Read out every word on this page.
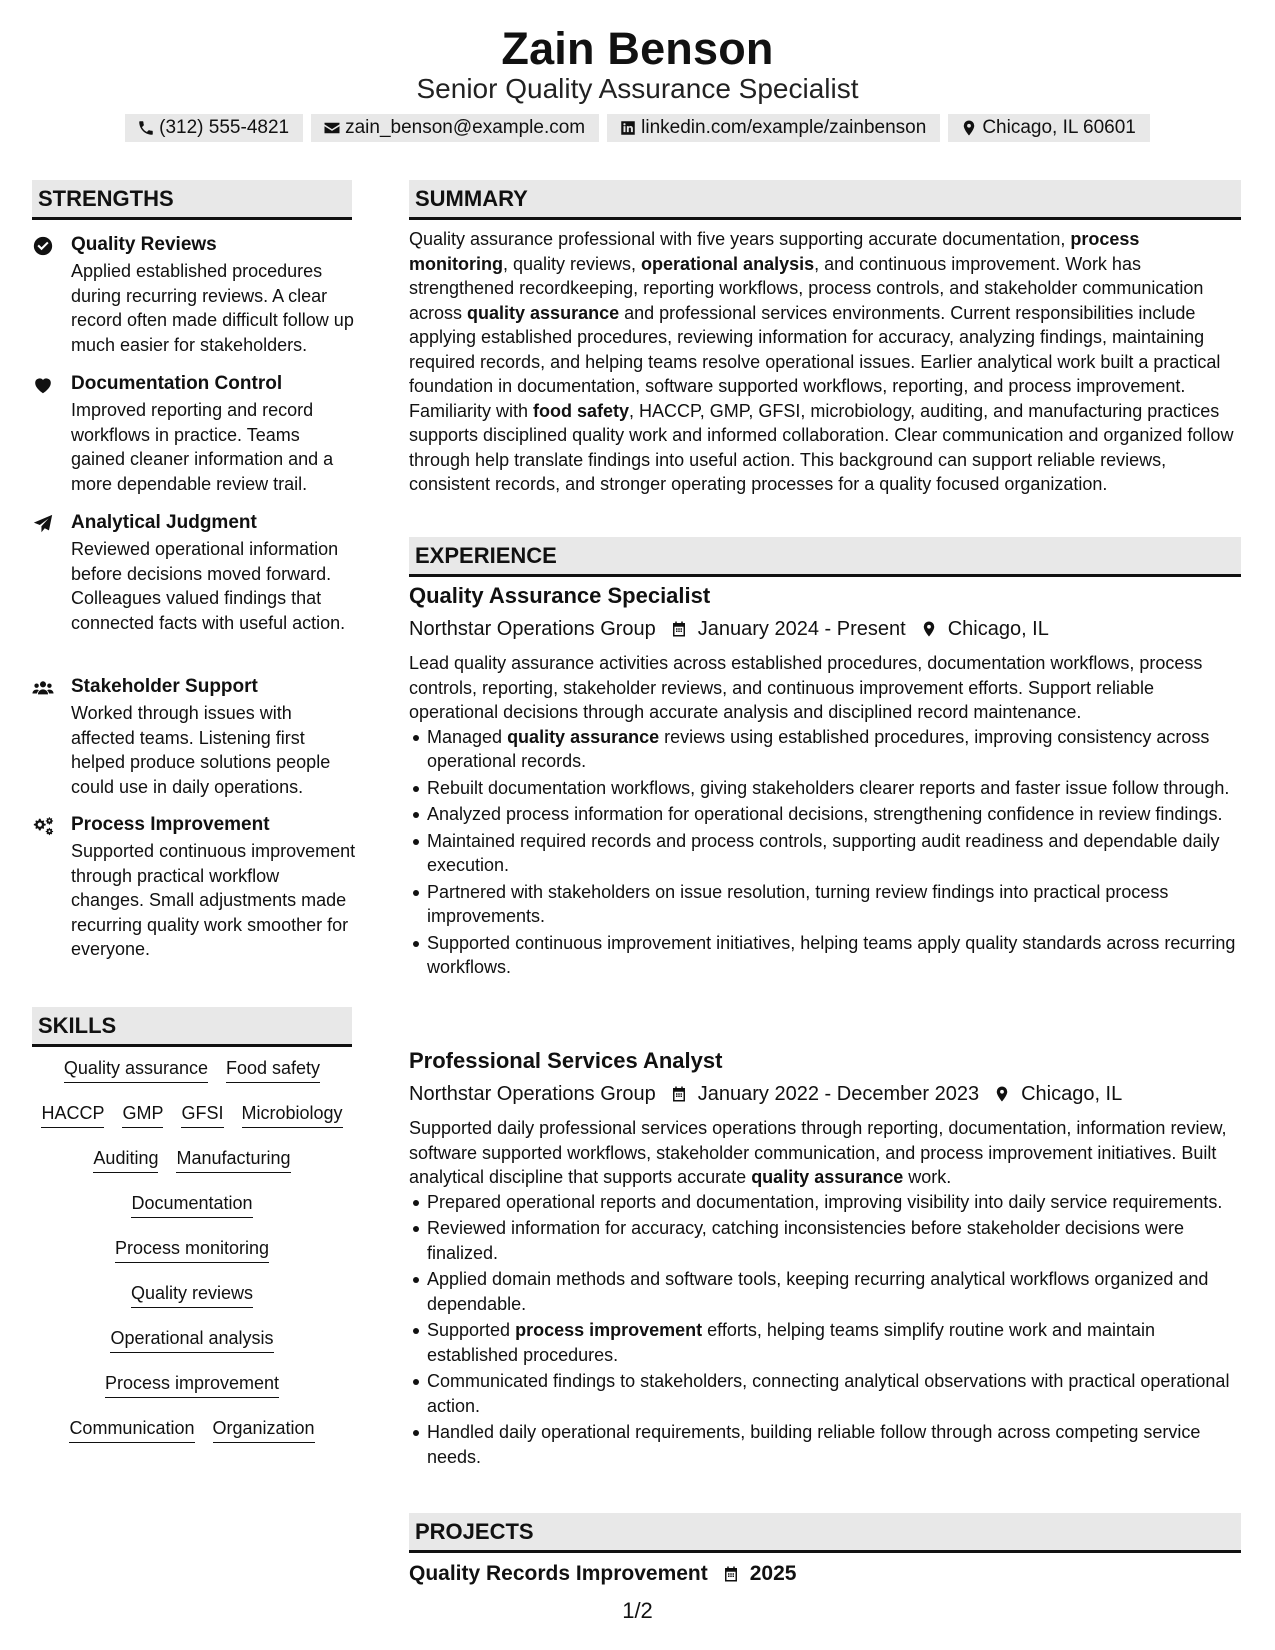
Zain Benson
Senior Quality Assurance Specialist
(312) 555-4821	zain_benson@example.com	linkedin.com/example/zainbenson	Chicago, IL 60601
STRENGTHS
Quality Reviews
Applied established procedures during recurring reviews. A clear record often made difficult follow up much easier for stakeholders.
Documentation Control
Improved reporting and record workflows in practice. Teams gained cleaner information and a more dependable review trail.
Analytical Judgment
Reviewed operational information before decisions moved forward. Colleagues valued findings that connected facts with useful action.
Stakeholder Support
Worked through issues with affected teams. Listening first helped produce solutions people could use in daily operations.
Process Improvement
Supported continuous improvement through practical workflow changes. Small adjustments made recurring quality work smoother for everyone.
SKILLS
Quality assurance Food safety
HACCP GMP GFSI Microbiology
Auditing Manufacturing
Documentation
Process monitoring
Quality reviews
Operational analysis
Process improvement
Communication Organization
SUMMARY
Quality assurance professional with five years supporting accurate documentation, process monitoring, quality reviews, operational analysis, and continuous improvement. Work has strengthened recordkeeping, reporting workflows, process controls, and stakeholder communication across quality assurance and professional services environments. Current responsibilities include applying established procedures, reviewing information for accuracy, analyzing findings, maintaining required records, and helping teams resolve operational issues. Earlier analytical work built a practical foundation in documentation, software supported workflows, reporting, and process improvement. Familiarity with food safety, HACCP, GMP, GFSI, microbiology, auditing, and manufacturing practices supports disciplined quality work and informed collaboration. Clear communication and organized follow through help translate findings into useful action. This background can support reliable reviews, consistent records, and stronger operating processes for a quality focused organization.
EXPERIENCE
Quality Assurance Specialist
Northstar Operations Group January 2024 - Present Chicago, IL
Lead quality assurance activities across established procedures, documentation workflows, process controls, reporting, stakeholder reviews, and continuous improvement efforts. Support reliable operational decisions through accurate analysis and disciplined record maintenance.
Managed quality assurance reviews using established procedures, improving consistency across operational records.
Rebuilt documentation workflows, giving stakeholders clearer reports and faster issue follow through.
Analyzed process information for operational decisions, strengthening confidence in review findings.
Maintained required records and process controls, supporting audit readiness and dependable daily execution.
Partnered with stakeholders on issue resolution, turning review findings into practical process improvements.
Supported continuous improvement initiatives, helping teams apply quality standards across recurring workflows.
Professional Services Analyst
Northstar Operations Group January 2022 - December 2023 Chicago, IL
Supported daily professional services operations through reporting, documentation, information review, software supported workflows, stakeholder communication, and process improvement initiatives. Built analytical discipline that supports accurate quality assurance work.
Prepared operational reports and documentation, improving visibility into daily service requirements.
Reviewed information for accuracy, catching inconsistencies before stakeholder decisions were finalized.
Applied domain methods and software tools, keeping recurring analytical workflows organized and dependable.
Supported process improvement efforts, helping teams simplify routine work and maintain established procedures.
Communicated findings to stakeholders, connecting analytical observations with practical operational action.
Handled daily operational requirements, building reliable follow through across competing service needs.
PROJECTS
Quality Records Improvement 2025
1/2
